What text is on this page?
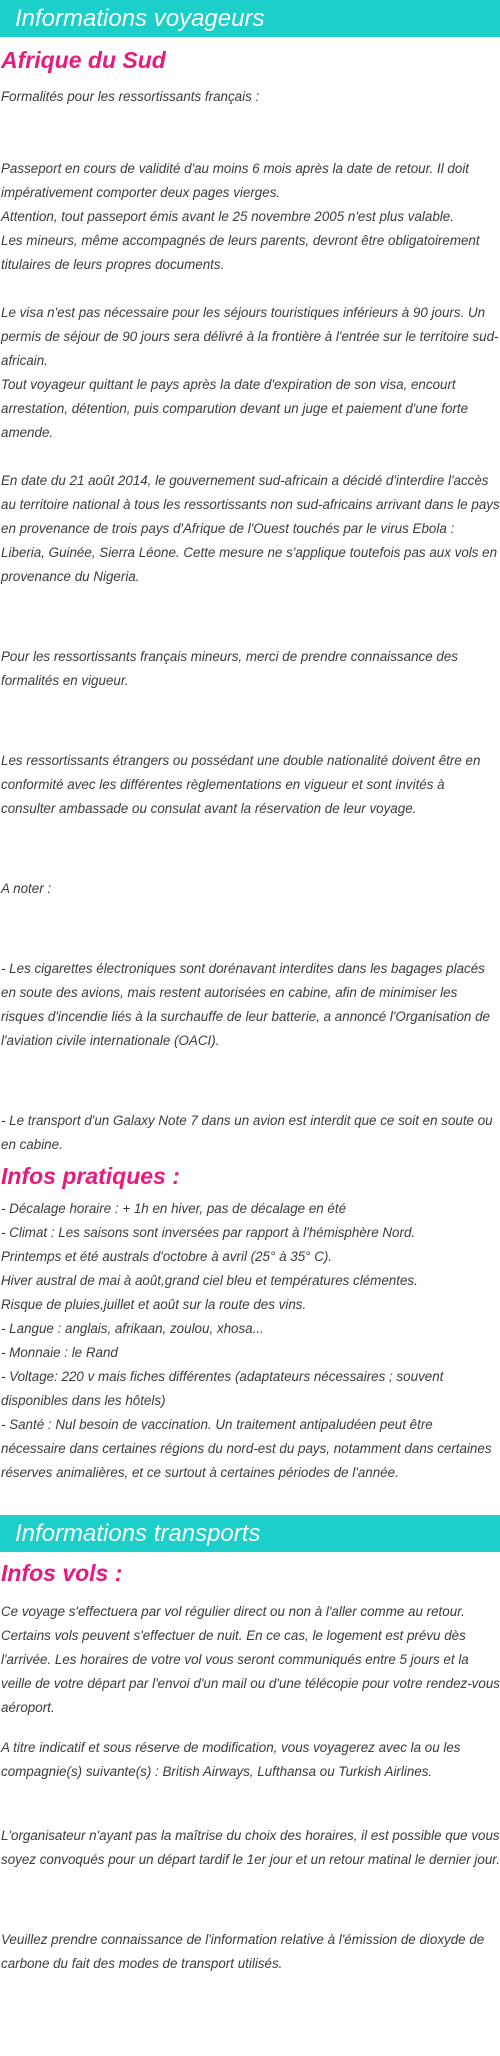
Informations voyageurs
Afrique du Sud

Formalités pour les ressortissants français :

Passeport en cours de validité d'au moins 6 mois après la date de retour. Il doit impérativement comporter deux pages vierges.
Attention, tout passeport émis avant le 25 novembre 2005 n'est plus valable.
Les mineurs, même accompagnés de leurs parents, devront être obligatoirement titulaires de leurs propres documents.

Le visa n'est pas nécessaire pour les séjours touristiques inférieurs à 90 jours. Un permis de séjour de 90 jours sera délivré à la frontière à l'entrée sur le territoire sud-africain.
Tout voyageur quittant le pays après la date d'expiration de son visa, encourt arrestation, détention, puis comparution devant un juge et paiement d'une forte amende.

En date du 21 août 2014, le gouvernement sud-africain a décidé d'interdire l'accès au territoire national à tous les ressortissants non sud-africains arrivant dans le pays en provenance de trois pays d'Afrique de l'Ouest touchés par le virus Ebola : Liberia, Guinée, Sierra Léone. Cette mesure ne s'applique toutefois pas aux vols en provenance du Nigeria.

Pour les ressortissants français mineurs, merci de prendre connaissance des formalités en vigueur.

Les ressortissants étrangers ou possédant une double nationalité doivent être en conformité avec les différentes règlementations en vigueur et sont invités à consulter ambassade ou consulat avant la réservation de leur voyage.

A noter :

- Les cigarettes électroniques sont dorénavant interdites dans les bagages placés en soute des avions, mais restent autorisées en cabine, afin de minimiser les risques d'incendie liés à la surchauffe de leur batterie, a annoncé l'Organisation de l'aviation civile internationale (OACI).

- Le transport d'un Galaxy Note 7 dans un avion est interdit que ce soit en soute ou en cabine.

Infos pratiques :

- Décalage horaire : + 1h en hiver, pas de décalage en été
- Climat : Les saisons sont inversées par rapport à l'hémisphère Nord.
Printemps et été australs d'octobre à avril (25° à 35° C).
Hiver austral de mai à août,grand ciel bleu et températures clémentes.
Risque de pluies,juillet et août sur la route des vins.
- Langue : anglais, afrikaan, zoulou, xhosa...
- Monnaie : le Rand
- Voltage: 220 v mais fiches différentes (adaptateurs nécessaires ; souvent disponibles dans les hôtels)
- Santé : Nul besoin de vaccination. Un traitement antipaludéen peut être nécessaire dans certaines régions du nord-est du pays, notamment dans certaines réserves animalières, et ce surtout à certaines périodes de l'année.

Informations transports
Infos vols :

Ce voyage s'effectuera par vol régulier direct ou non à l'aller comme au retour. Certains vols peuvent s'effectuer de nuit. En ce cas, le logement est prévu dès l'arrivée. Les horaires de votre vol vous seront communiqués entre 5 jours et la veille de votre départ par l'envoi d'un mail ou d'une télécopie pour votre rendez-vous aéroport.

A titre indicatif et sous réserve de modification, vous voyagerez avec la ou les compagnie(s) suivante(s) : British Airways, Lufthansa ou Turkish Airlines.

L'organisateur n'ayant pas la maîtrise du choix des horaires, il est possible que vous soyez convoqués pour un départ tardif le 1er jour et un retour matinal le dernier jour.

Veuillez prendre connaissance de l'information relative à l'émission de dioxyde de carbone du fait des modes de transport utilisés.
